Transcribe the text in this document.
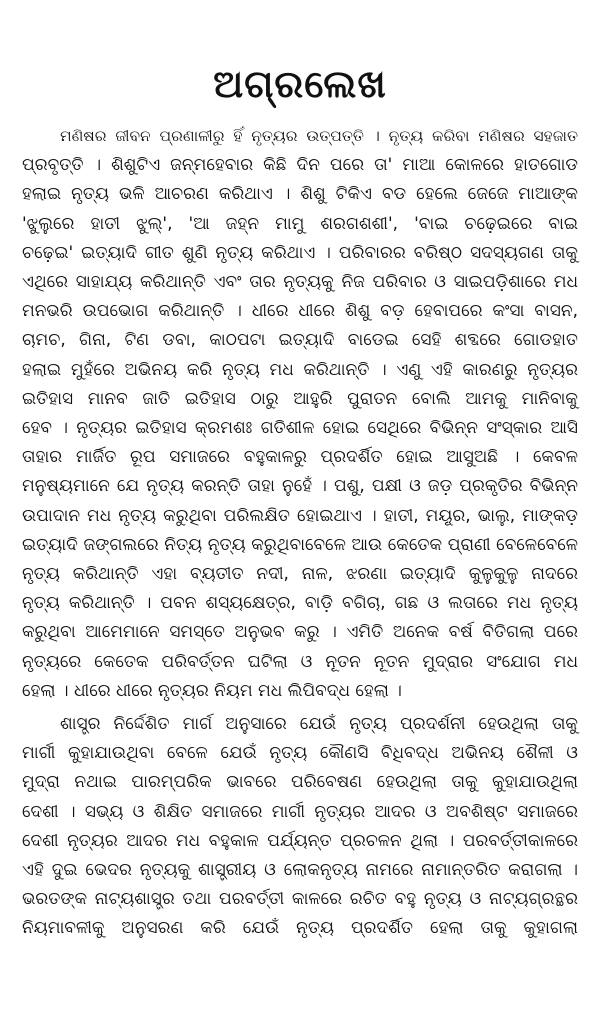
ଅଗ୍ରଲେଖ

ମଣିଷର ଜୀବନ ପ୍ରଣାଳୀରୁ ହିଁ ନୃତ୍ୟର ଉତ୍ପତ୍ତି । ନୃତ୍ୟ କରିବା ମଣିଷର ସହଜାତ
ପ୍ରବୃତ୍ତି । ଶିଶୁଟିଏ ଜନ୍ମହେବାର କିଛି ଦିନ ପରେ ତା' ମାଆ କୋଳରେ ହାତଗୋଡ
ହଲାଇ ନୃତ୍ୟ ଭଳି ଆଚରଣ କରିଥାଏ । ଶିଶୁ ଟିକିଏ ବଡ ହେଲେ ଜେଜେ ମାଆଙ୍କ
'ଝୁଲୁରେ ହାତୀ ଝୁଲ୍', 'ଆ ଜହ୍ନ ମାମୁ ଶରଗଶଶୀ', 'ବାଇ ଚଢ଼େଇରେ ବାଇ
ଚଢ଼େଇ' ଇତ୍ୟାଦି ଗୀତ ଶୁଣି ନୃତ୍ୟ କରିଥାଏ । ପରିବାରର ବରିଷ୍ଠ ସଦସ୍ୟଗଣ ତାକୁ
ଏଥିରେ ସାହାଯ୍ୟ କରିଥାନ୍ତି ଏବଂ ତାର ନୃତ୍ୟକୁ ନିଜ ପରିବାର ଓ ସାଇପଡ଼ିଶାରେ ମଧ
ମନଭରି ଉପଭୋଗ କରିଥାନ୍ତି । ଧୀରେ ଧୀରେ ଶିଶୁ ବଡ଼ ହେବାପରେ କଂସା ବାସନ,
ଚାମଚ, ଗିନା, ଟିଣ ଡବା, କାଠପଟା ଇତ୍ୟାଦି ବାଡେଇ ସେହି ଶବ୍ଦରେ ଗୋଡହାତ
ହଲାଇ ମୁହଁରେ ଅଭିନୟ କରି ନୃତ୍ୟ ମଧ କରିଥାନ୍ତି । ଏଣୁ ଏହି କାରଣରୁ ନୃତ୍ୟର
ଇତିହାସ ମାନବ ଜାତି ଇତିହାସ ଠାରୁ ଆହୁରି ପୁରାତନ ବୋଲି ଆମକୁ ମାନିବାକୁ
ହେବ । ନୃତ୍ୟର ଇତିହାସ କ୍ରମଶଃ ଗତିଶୀଳ ହୋଇ ସେଥିରେ ବିଭିନ୍ନ ସଂସ୍କାର ଆସି
ତାହାର ମାର୍ଜିତ ରୂପ ସମାଜରେ ବହୁକାଳରୁ ପ୍ରଦର୍ଶିତ ହୋଇ ଆସୁଅଛି । କେବଳ
ମନୁଷ୍ୟମାନେ ଯେ ନୃତ୍ୟ କରନ୍ତି ତାହା ନୁହେଁ । ପଶୁ, ପକ୍ଷୀ ଓ ଜଡ଼ ପ୍ରକୃତିର ବିଭିନ୍ନ
ଉପାଦାନ ମଧ ନୃତ୍ୟ କରୁଥିବା ପରିଲକ୍ଷିତ ହୋଇଥାଏ । ହାତୀ, ମୟୂର, ଭାଲୁ, ମାଙ୍କଡ଼
ଇତ୍ୟାଦି ଜଙ୍ଗଲରେ ନିତ୍ୟ ନୃତ୍ୟ କରୁଥିବାବେଳେ ଆଉ କେତେକ ପ୍ରାଣୀ ବେଳେବେଳେ
ନୃତ୍ୟ କରିଥାନ୍ତି ଏହା ବ୍ୟତୀତ ନଦୀ, ନାଳ, ଝରଣା ଇତ୍ୟାଦି କୁଳୁକୁଳୁ ନାଦରେ
ନୃତ୍ୟ କରିଥାନ୍ତି । ପବନ ଶସ୍ୟକ୍ଷେତ୍ର, ବାଡ଼ି ବଗିଚା, ଗଛ ଓ ଲତାରେ ମଧ ନୃତ୍ୟ
କରୁଥିବା ଆମେମାନେ ସମସ୍ତେ ଅନୁଭବ କରୁ । ଏମିତି ଅନେକ ବର୍ଷ ବିତିଗଲା ପରେ
ନୃତ୍ୟରେ କେତେକ ପରିବର୍ତ୍ତନ ଘଟିଲା ଓ ନୂତନ ନୂତନ ମୁଦ୍ରାର ସଂଯୋଗ ମଧ
ହେଲା । ଧୀରେ ଧୀରେ ନୃତ୍ୟର ନିୟମ ମଧ ଲିପିବଦ୍ଧ ହେଲା ।

ଶାସ୍ତ୍ର ନିର୍ଦ୍ଦେଶିତ ମାର୍ଗ ଅନୁସାରେ ଯେଉଁ ନୃତ୍ୟ ପ୍ରଦର୍ଶନୀ ହେଉଥିଲା ତାକୁ
ମାର୍ଗୀ କୁହାଯାଉଥିବା ବେଳେ ଯେଉଁ ନୃତ୍ୟ କୌଣସି ବିଧିବଦ୍ଧ ଅଭିନୟ ଶୈଳୀ ଓ
ମୁଦ୍ରା ନଥାଇ ପାରମ୍ପରିକ ଭାବରେ ପରିବେଷଣ ହେଉଥିଲା ତାକୁ କୁହାଯାଉଥିଲା
ଦେଶୀ । ସଭ୍ୟ ଓ ଶିକ୍ଷିତ ସମାଜରେ ମାର୍ଗୀ ନୃତ୍ୟର ଆଦର ଓ ଅବଶିଷ୍ଟ ସମାଜରେ
ଦେଶୀ ନୃତ୍ୟର ଆଦର ମଧ ବହୁକାଳ ପର୍ଯ୍ୟନ୍ତ ପ୍ରଚଳନ ଥିଲା । ପରବର୍ତ୍ତୀକାଳରେ
ଏହି ଦୁଇ ଭେଦର ନୃତ୍ୟକୁ ଶାସ୍ତ୍ରୀୟ ଓ ଲୋକନୃତ୍ୟ ନାମରେ ନାମାନ୍ତରିତ କରାଗଲା ।
ଭରତଙ୍କ ନାଟ୍ୟଶାସ୍ତ୍ର ତଥା ପରବର୍ତ୍ତୀ କାଳରେ ରଚିତ ବହୁ ନୃତ୍ୟ ଓ ନାଟ୍ୟଗ୍ରନ୍ଥର
ନିୟମାବଳୀକୁ ଅନୁସରଣ କରି ଯେଉଁ ନୃତ୍ୟ ପ୍ରଦର୍ଶିତ ହେଲା ତାକୁ କୁହାଗଲା
